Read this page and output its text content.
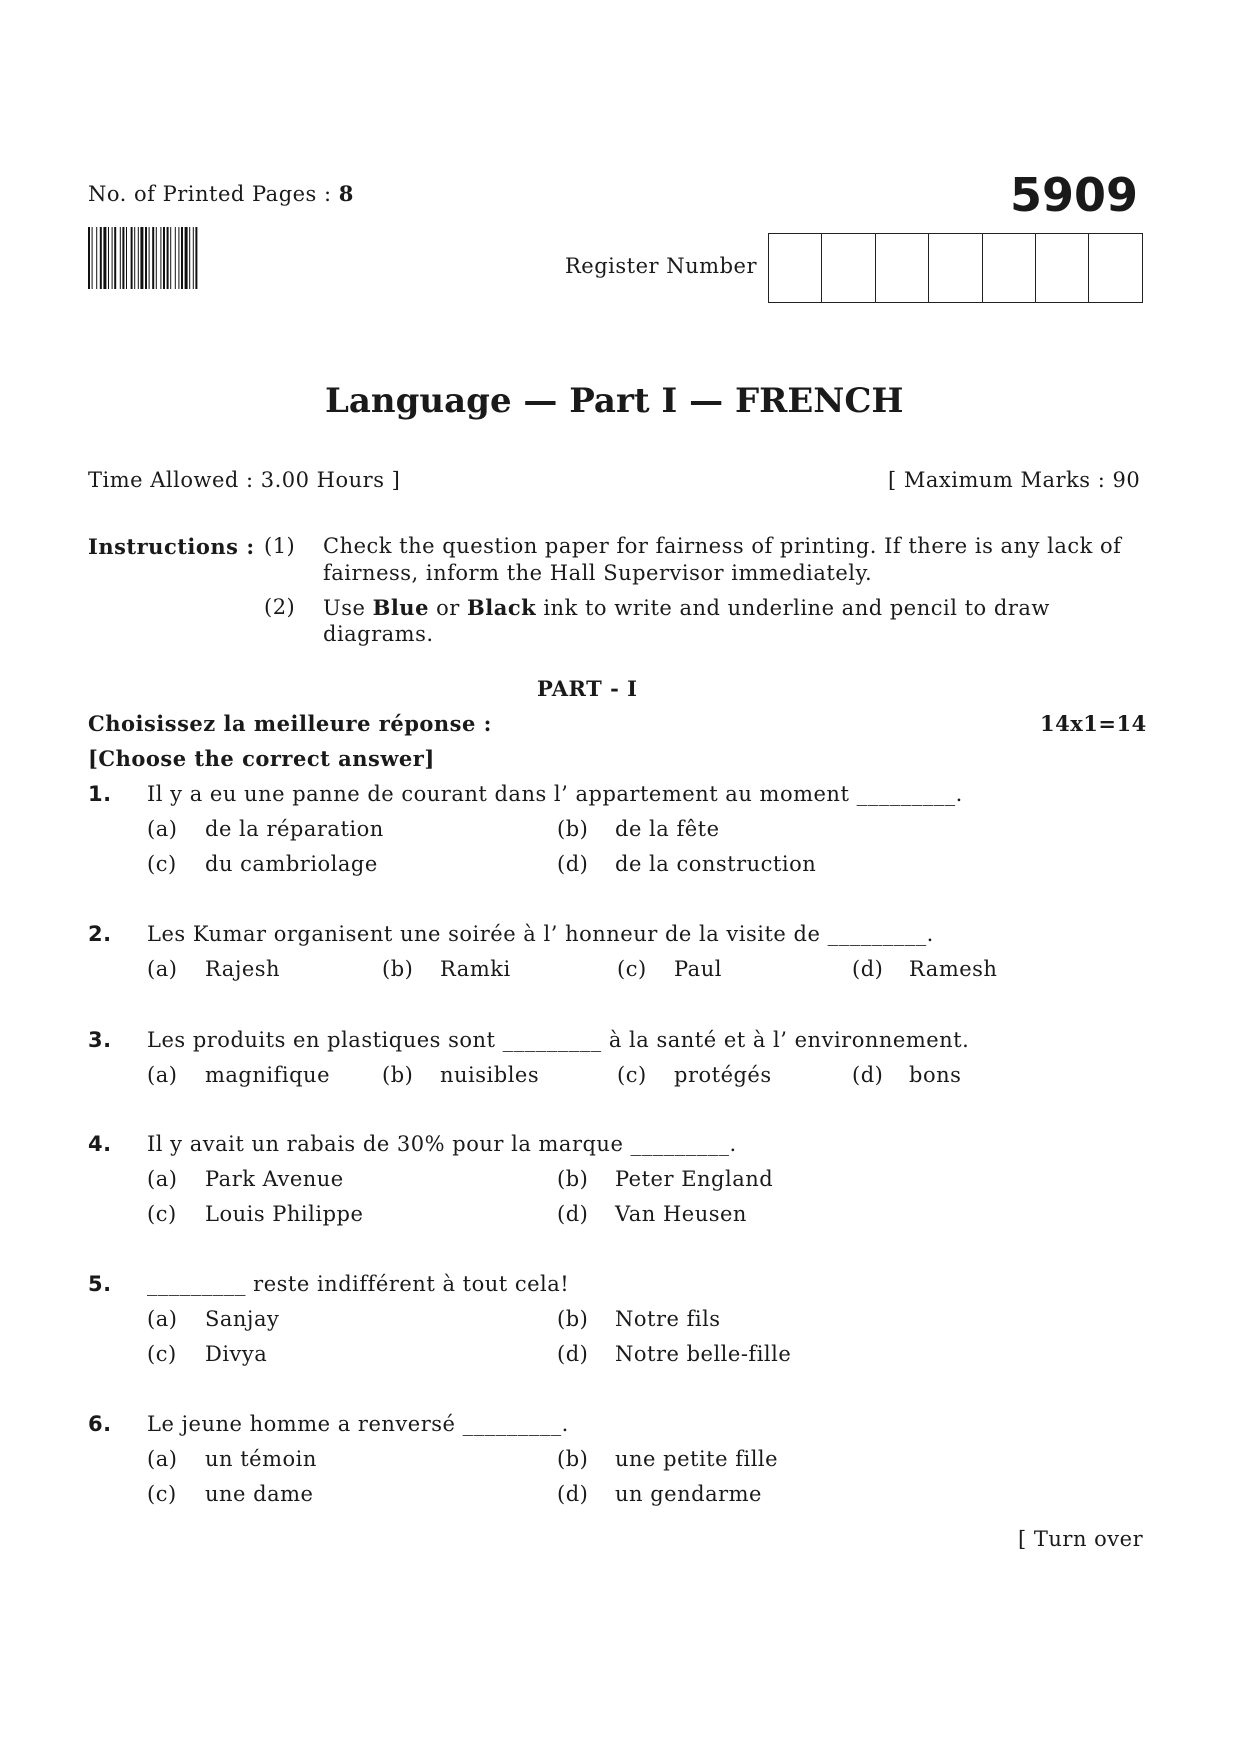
No. of Printed Pages : 8	5909
Register Number
Language — Part I — FRENCH
Time Allowed : 3.00 Hours ]	[ Maximum Marks : 90
Instructions : (1) Check the question paper for fairness of printing. If there is any lack of
fairness, inform the Hall Supervisor immediately.
(2) Use Blue or Black ink to write and underline and pencil to draw
diagrams.
PART - I
Choisissez la meilleure réponse :	14x1=14
[Choose the correct answer]
1. Il y a eu une panne de courant dans l’ appartement au moment _________.
(a) de la réparation	(b) de la fête
(c) du cambriolage	(d) de la construction
2. Les Kumar organisent une soirée à l’ honneur de la visite de _________.
(a) Rajesh	(b) Ramki	(c) Paul	(d) Ramesh
3. Les produits en plastiques sont _________ à la santé et à l’ environnement.
(a) magnifique (b) nuisibles	(c) protégés	(d) bons
4. Il y avait un rabais de 30% pour la marque _________.
(a) Park Avenue	(b) Peter England
(c) Louis Philippe	(d) Van Heusen
5. _________ reste indifférent à tout cela!
(a) Sanjay	(b) Notre fils
(c) Divya	(d) Notre belle-fille
6. Le jeune homme a renversé _________.
(a) un témoin	(b) une petite fille
(c) une dame	(d) un gendarme
[ Turn over
